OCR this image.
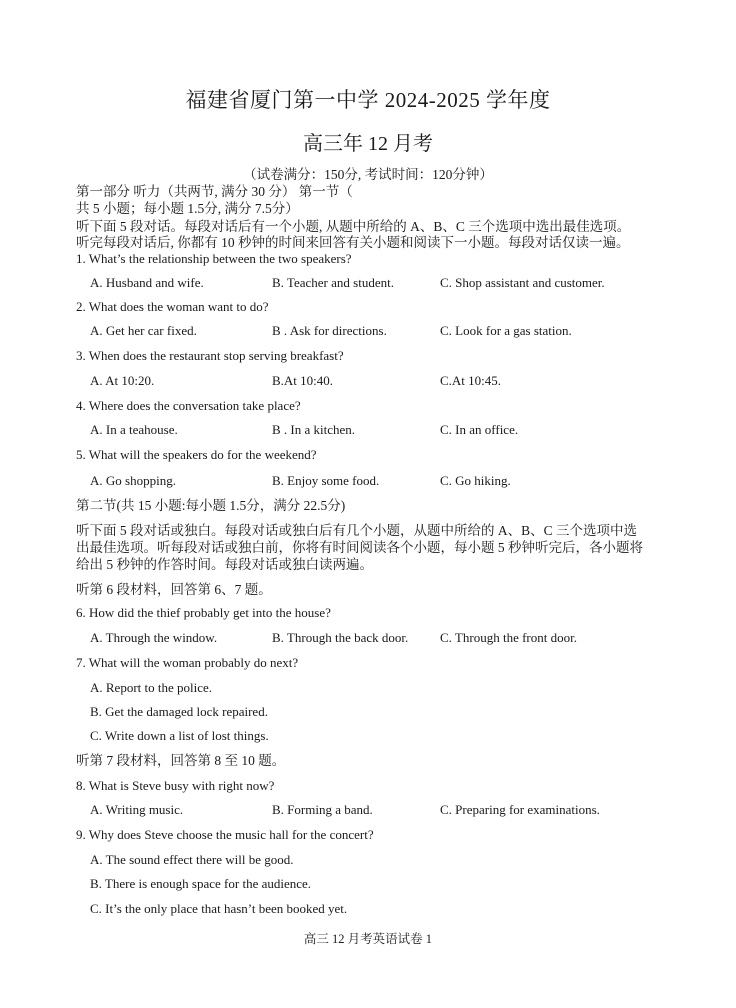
福建省厦门第一中学 2024-2025 学年度
高三年 12 月考
（试卷满分：150分, 考试时间：120分钟）
第一部分 听力（共两节, 满分 30 分） 第一节（
共 5 小题；每小题 1.5分, 满分 7.5分）
听下面 5 段对话。每段对话后有一个小题, 从题中所给的 A、B、C 三个选项中选出最佳选项。
听完每段对话后, 你都有 10 秒钟的时间来回答有关小题和阅读下一小题。每段对话仅读一遍。
1. What’s the relationship between the two speakers?
A. Husband and wife.	B. Teacher and student.	C. Shop assistant and customer.
2. What does the woman want to do?
A. Get her car fixed.	B . Ask for directions.	C. Look for a gas station.
3. When does the restaurant stop serving breakfast?
A. At 10:20.	B.At 10:40.	C.At 10:45.
4. Where does the conversation take place?
A. In a teahouse.	B . In a kitchen.	C. In an office.
5. What will the speakers do for the weekend?
A. Go shopping.	B. Enjoy some food.	C. Go hiking.
第二节(共 15 小题:每小题 1.5分，满分 22.5分)
听下面 5 段对话或独白。每段对话或独白后有几个小题，从题中所给的 A、B、C 三个选项中选
出最佳选项。听每段对话或独白前，你将有时间阅读各个小题，每小题 5 秒钟听完后，各小题将
给出 5 秒钟的作答时间。每段对话或独白读两遍。
听第 6 段材料，回答第 6、7 题。
6. How did the thief probably get into the house?
A. Through the window.	B. Through the back door. C. Through the front door.
7. What will the woman probably do next?
A. Report to the police.
B. Get the damaged lock repaired.
C. Write down a list of lost things.
听第 7 段材料，回答第 8 至 10 题。
8. What is Steve busy with right now?
A. Writing music.	B. Forming a band.	C. Preparing for examinations.
9. Why does Steve choose the music hall for the concert?
A. The sound effect there will be good.
B. There is enough space for the audience.
C. It’s the only place that hasn’t been booked yet.
高三 12 月考英语试卷 1
